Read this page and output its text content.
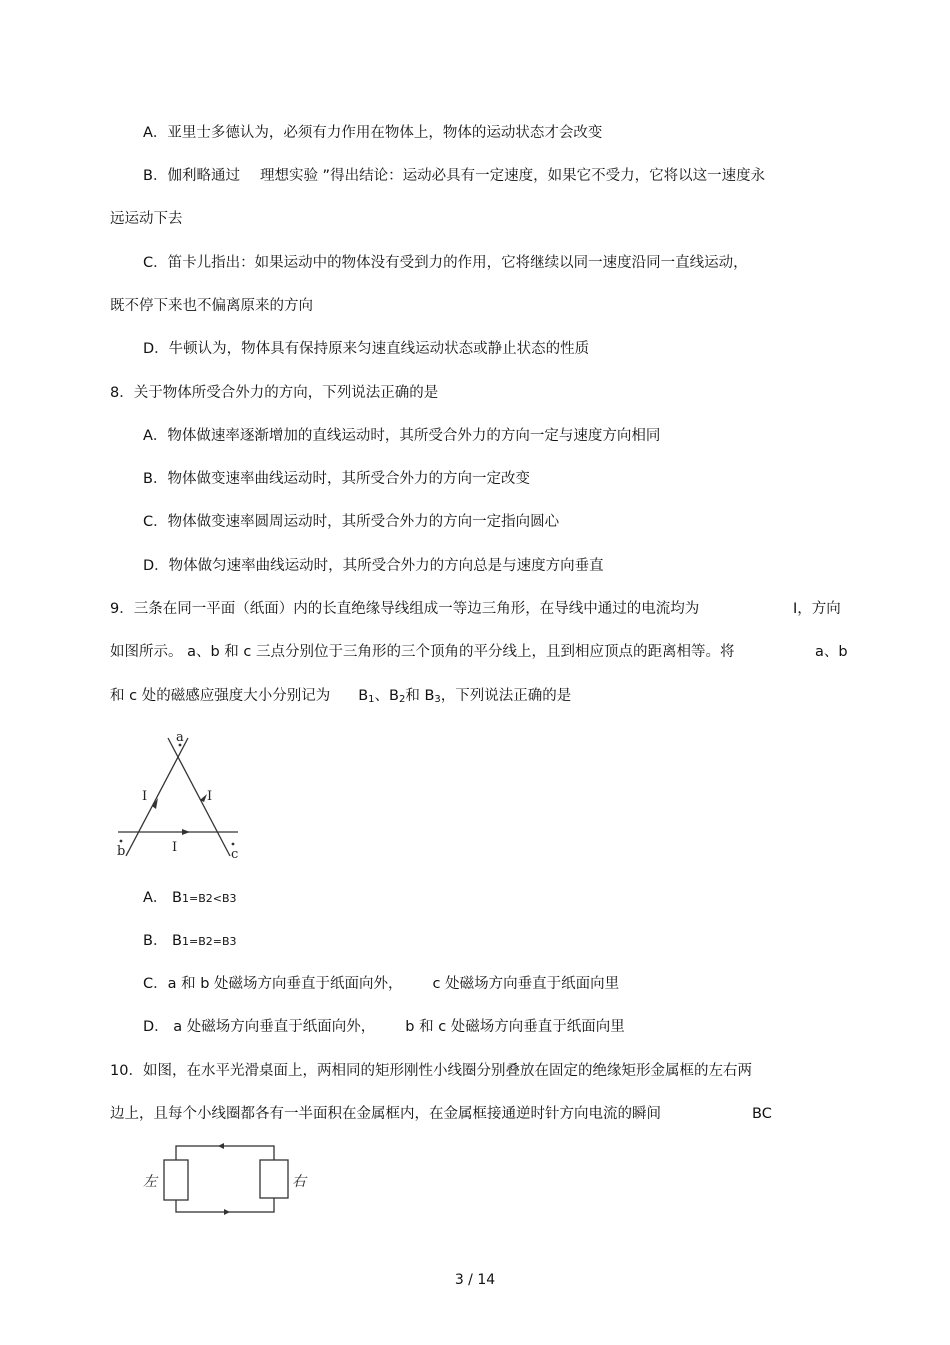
A．亚里士多德认为，必须有力作用在物体上，物体的运动状态才会改变
B．伽利略通过 理想实验 ”得出结论：运动必具有一定速度，如果它不受力，它将以这一速度永
远运动下去
C．笛卡儿指出：如果运动中的物体没有受到力的作用，它将继续以同一速度沿同一直线运动，
既不停下来也不偏离原来的方向
D．牛顿认为，物体具有保持原来匀速直线运动状态或静止状态的性质
8．关于物体所受合外力的方向，下列说法正确的是
A．物体做速率逐渐增加的直线运动时，其所受合外力的方向一定与速度方向相同
B．物体做变速率曲线运动时，其所受合外力的方向一定改变
C．物体做变速率圆周运动时，其所受合外力的方向一定指向圆心
D．物体做匀速率曲线运动时，其所受合外力的方向总是与速度方向垂直
9．三条在同一平面（纸面）内的长直绝缘导线组成一等边三角形，在导线中通过的电流均为	I，方向
如图所示。 a、b 和 c 三点分别位于三角形的三个顶角的平分线上，且到相应顶点的距离相等。将	a、b
和 c 处的磁感应强度大小分别记为 $B_1$、$B_2$和 $B_3$，下列说法正确的是
a
b	c
I	I
I
A． B1=B2<B3
B． B1=B2=B3
C．a 和 b 处磁场方向垂直于纸面向外， c 处磁场方向垂直于纸面向里
D． a 处磁场方向垂直于纸面向外， b 和 c 处磁场方向垂直于纸面向里
10．如图，在水平光滑桌面上，两相同的矩形刚性小线圈分别叠放在固定的绝缘矩形金属框的左右两
边上，且每个小线圈都各有一半面积在金属框内，在金属框接通逆时针方向电流的瞬间	BC
左	右
3 / 14
